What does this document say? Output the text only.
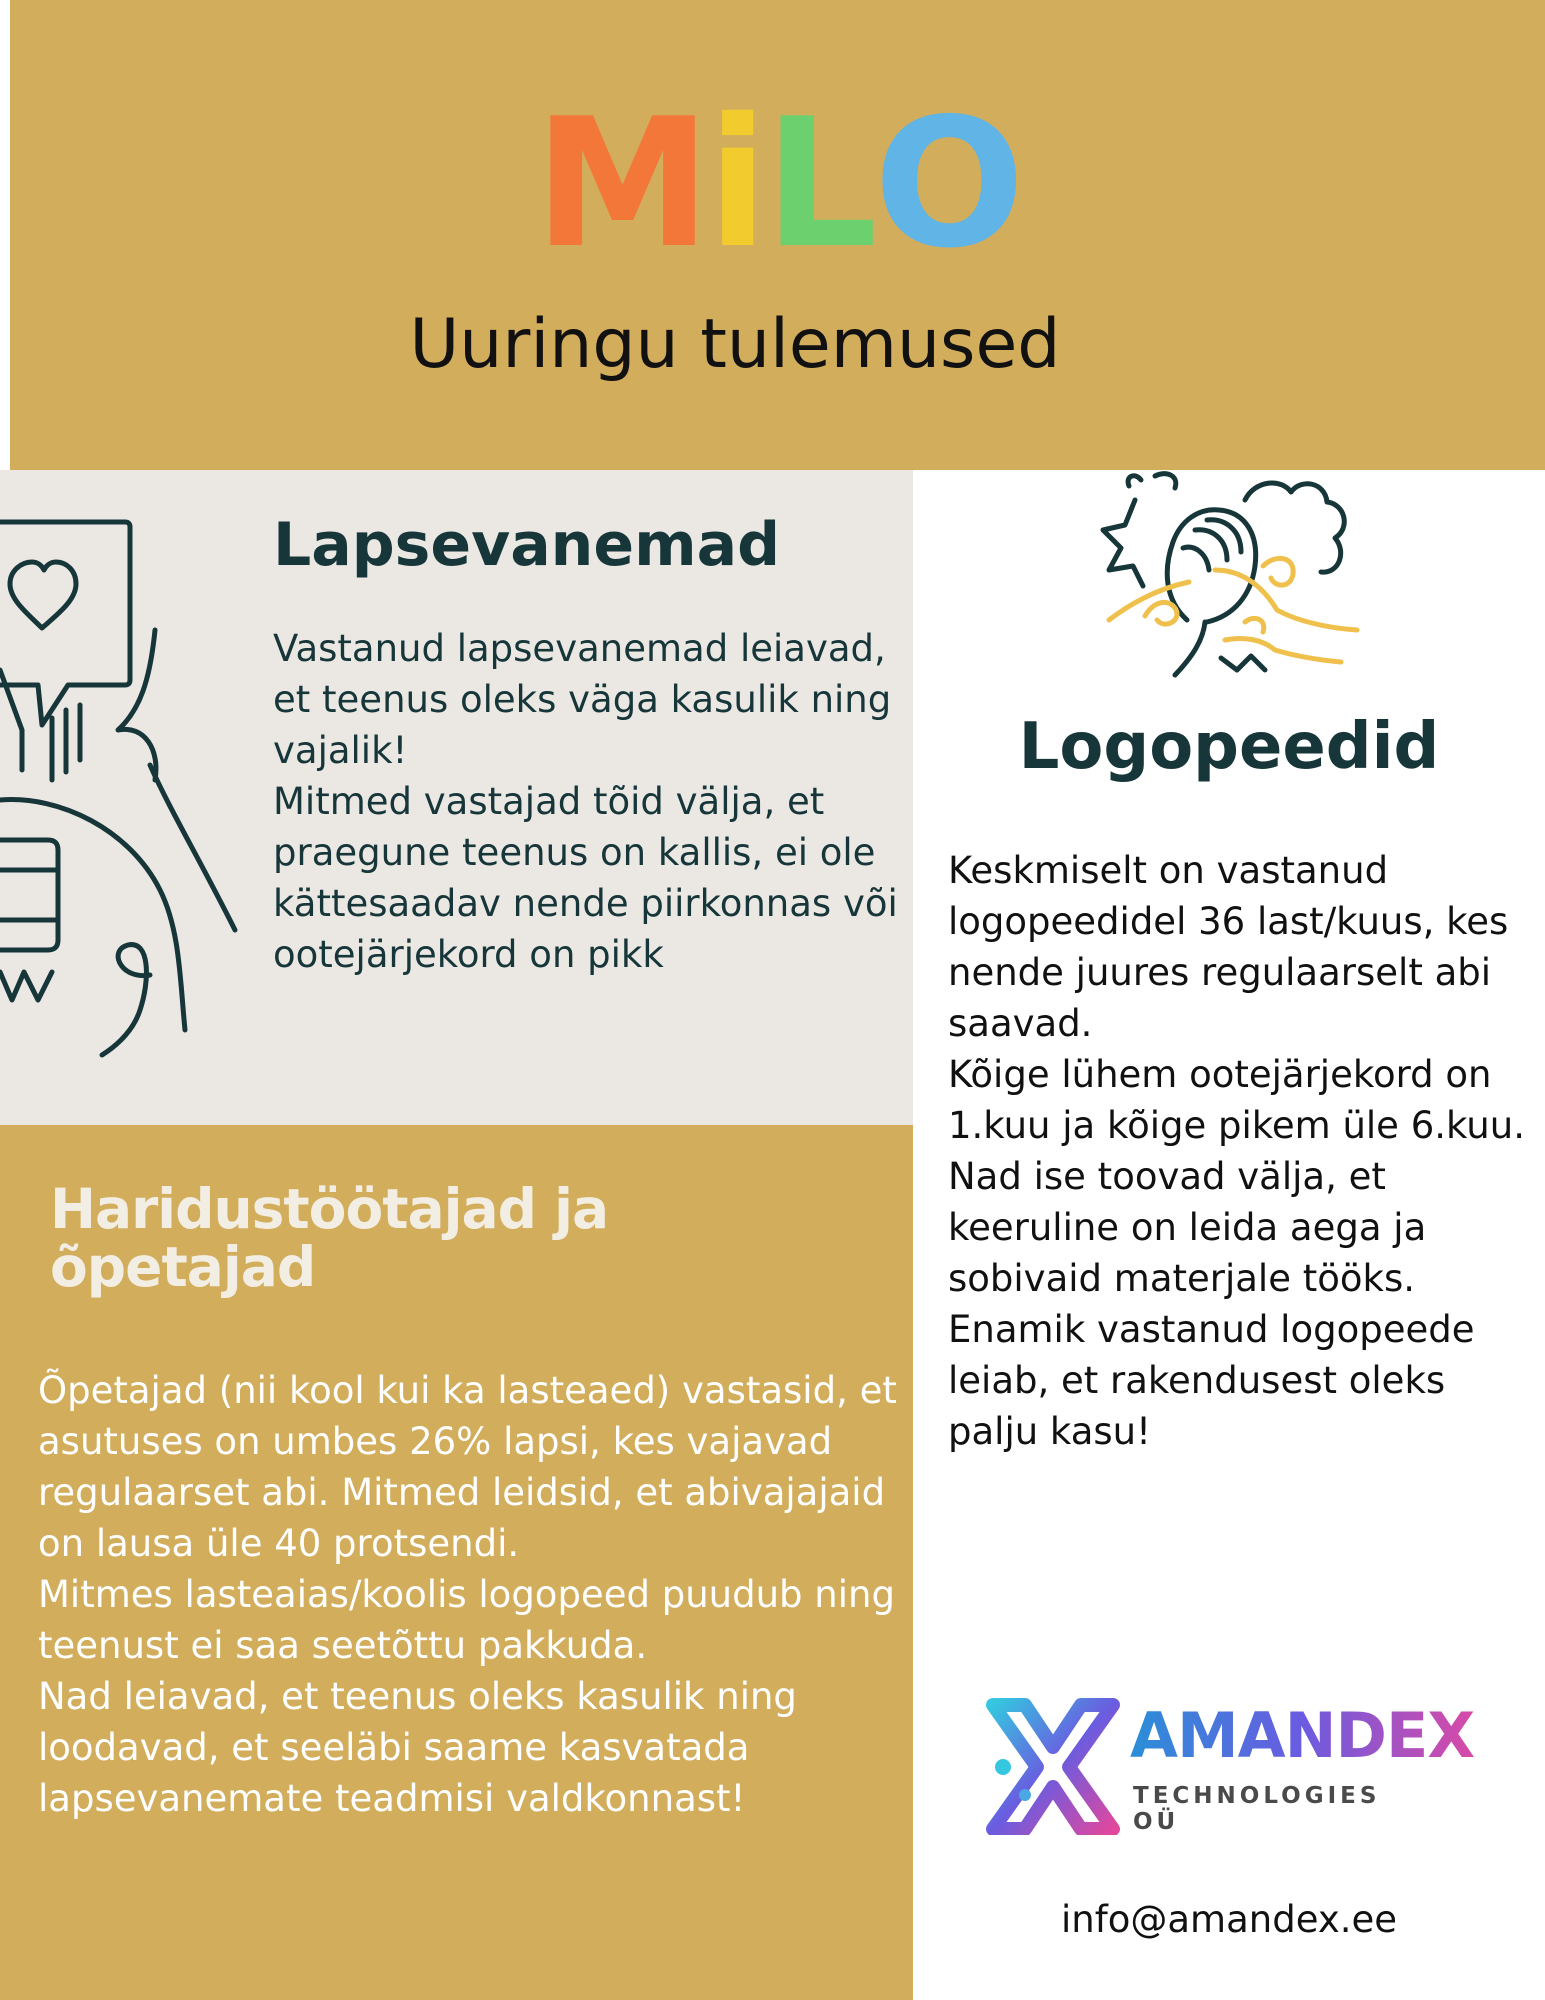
MiLO
Uuringu tulemused
Lapsevanemad

Vastanud lapsevanemad leiavad, et teenus oleks väga kasulik ning vajalik!
Mitmed vastajad tõid välja, et praegune teenus on kallis, ei ole kättesaadav nende piirkonnas või ootejärjekord on pikk

Haridustöötajad ja õpetajad

Õpetajad (nii kool kui ka lasteaed) vastasid, et asutuses on umbes 26% lapsi, kes vajavad regulaarset abi. Mitmed leidsid, et abivajajaid on lausa üle 40 protsendi.
Mitmes lasteaias/koolis logopeed puudub ning teenust ei saa seetõttu pakkuda.
Nad leiavad, et teenus oleks kasulik ning loodavad, et seeläbi saame kasvatada lapsevanemate teadmisi valdkonnast!

Logopeedid

Keskmiselt on vastanud logopeedidel 36 last/kuus, kes nende juures regulaarselt abi saavad.
Kõige lühem ootejärjekord on 1.kuu ja kõige pikem üle 6.kuu.
Nad ise toovad välja, et keeruline on leida aega ja sobivaid materjale tööks.
Enamik vastanud logopeede leiab, et rakendusest oleks palju kasu!

AMANDEX
TECHNOLOGIES OÜ
info@amandex.ee
